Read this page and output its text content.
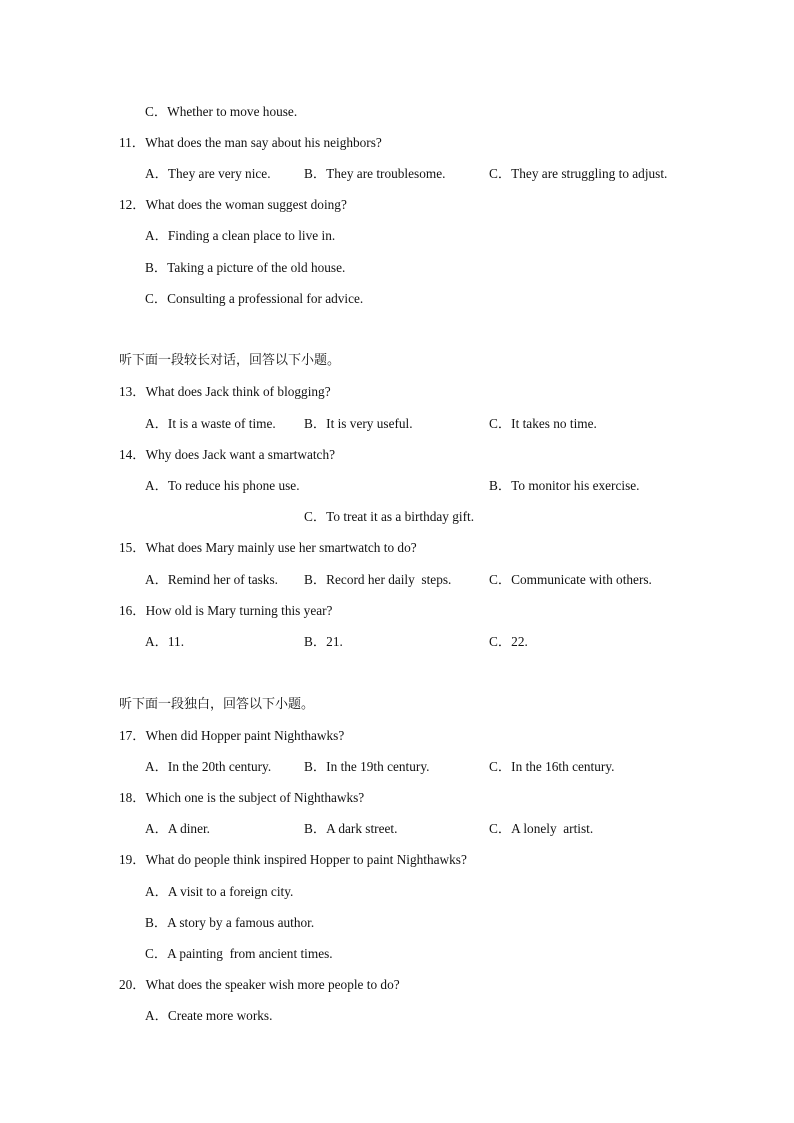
C．Whether to move house.
11．What does the man say about his neighbors?
A．They are very nice.	B．They are troublesome.	C．They are struggling to adjust.
12．What does the woman suggest doing?
A．Finding a clean place to live in.
B．Taking a picture of the old house.
C．Consulting a professional for advice.
听下面一段较长对话，回答以下小题。
13．What does Jack think of blogging?
A．It is a waste of time. B．It is very useful.	C．It takes no time.
14．Why does Jack want a smartwatch?
A．To reduce his phone use.	B．To monitor his exercise.
C．To treat it as a birthday gift.
15．What does Mary mainly use her smartwatch to do?
A．Remind her of tasks. B．Record her daily  steps.	C．Communicate with others.
16．How old is Mary turning this year?
A．11.	B．21.	C．22.
听下面一段独白，回答以下小题。
17．When did Hopper paint Nighthawks?
A．In the 20th century. B．In the 19th century.	C．In the 16th century.
18．Which one is the subject of Nighthawks?
A．A diner.	B．A dark street.	C．A lonely  artist.
19．What do people think inspired Hopper to paint Nighthawks?
A．A visit to a foreign city.
B．A story by a famous author.
C．A painting  from ancient times.
20．What does the speaker wish more people to do?
A．Create more works.
